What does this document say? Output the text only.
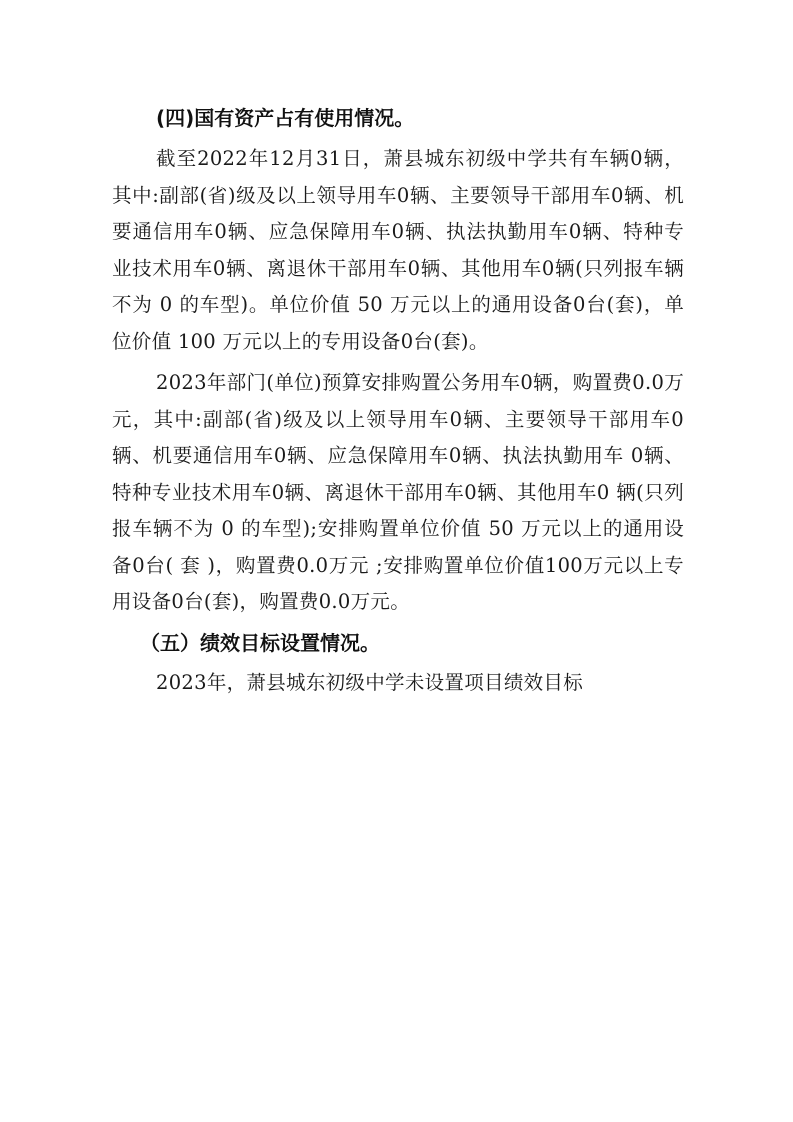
(四)国有资产占有使用情况。

截至2022年12月31日，萧县城东初级中学共有车辆0辆，其中:副部(省)级及以上领导用车0辆、主要领导干部用车0辆、机要通信用车0辆、应急保障用车0辆、执法执勤用车0辆、特种专业技术用车0辆、离退休干部用车0辆、其他用车0辆(只列报车辆不为 0 的车型)。单位价值 50 万元以上的通用设备0台(套)，单位价值 100 万元以上的专用设备0台(套)。

2023年部门(单位)预算安排购置公务用车0辆，购置费0.0万元，其中:副部(省)级及以上领导用车0辆、主要领导干部用车0辆、机要通信用车0辆、应急保障用车0辆、执法执勤用车 0辆、特种专业技术用车0辆、离退休干部用车0辆、其他用车0 辆(只列报车辆不为 0 的车型);安排购置单位价值 50 万元以上的通用设备0台( 套 )，购置费0.0万元 ;安排购置单位价值100万元以上专用设备0台(套)，购置费0.0万元。

（五）绩效目标设置情况。

2023年，萧县城东初级中学未设置项目绩效目标
